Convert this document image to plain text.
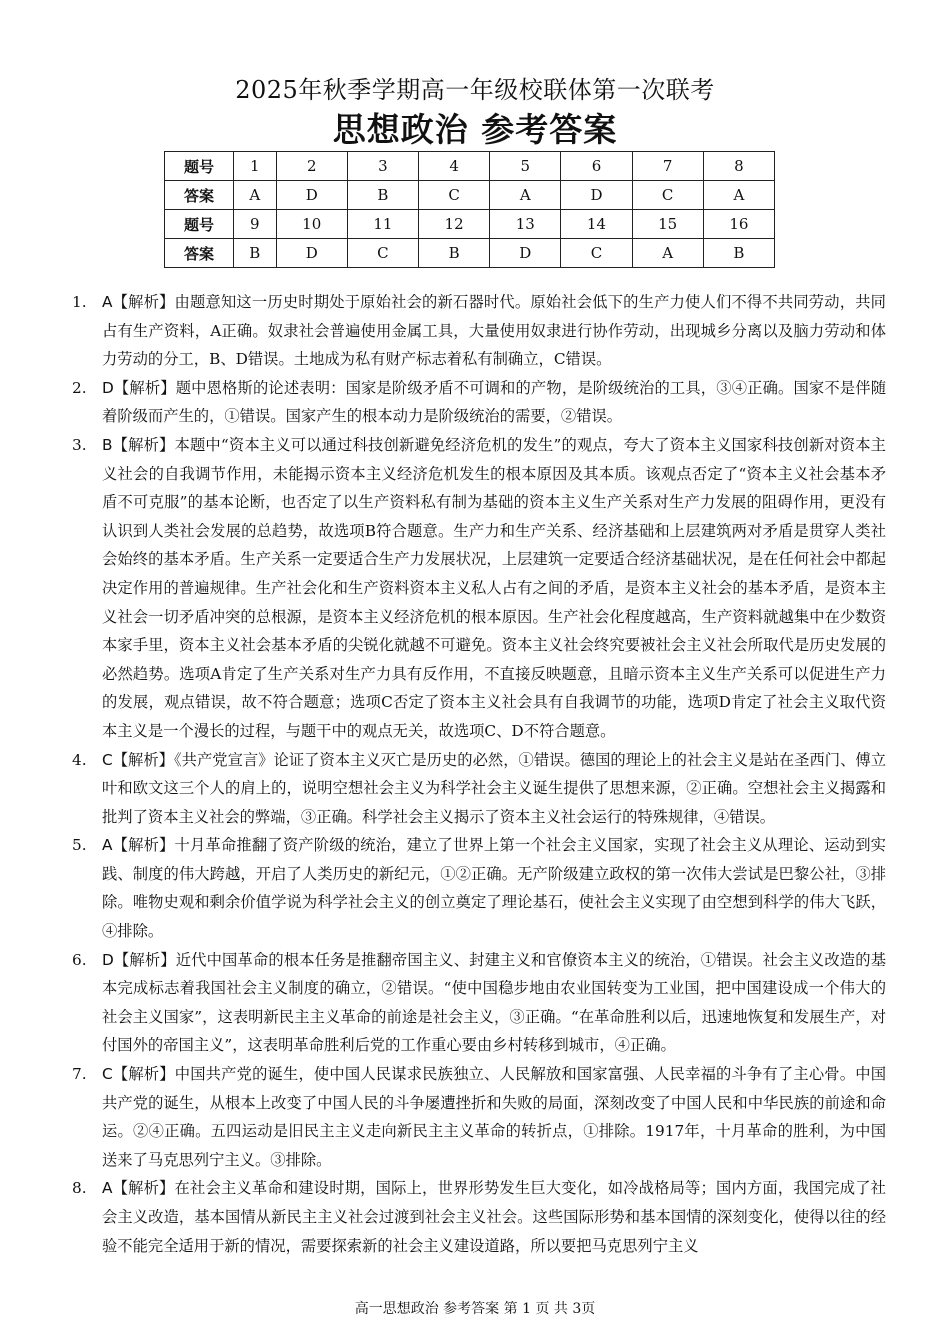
2025年秋季学期高一年级校联体第一次联考
思想政治 参考答案
题号	1	2	3	4	5	6	7	8
答案	A	D	B	C	A	D	C	A
题号	9	10	11	12	13	14	15	16
答案	B	D	C	B	D	C	A	B

1.	A【解析】由题意知这一历史时期处于原始社会的新石器时代。原始社会低下的生产力使人们不得不共同劳动，共同占有生产资料，A正确。奴隶社会普遍使用金属工具，大量使用奴隶进行协作劳动，出现城乡分离以及脑力劳动和体力劳动的分工，B、D错误。土地成为私有财产标志着私有制确立，C错误。

2.	D【解析】题中恩格斯的论述表明：国家是阶级矛盾不可调和的产物，是阶级统治的工具，③④正确。国家不是伴随着阶级而产生的，①错误。国家产生的根本动力是阶级统治的需要，②错误。

3.	B【解析】本题中“资本主义可以通过科技创新避免经济危机的发生”的观点，夸大了资本主义国家科技创新对资本主义社会的自我调节作用，未能揭示资本主义经济危机发生的根本原因及其本质。该观点否定了“资本主义社会基本矛盾不可克服”的基本论断，也否定了以生产资料私有制为基础的资本主义生产关系对生产力发展的阻碍作用，更没有认识到人类社会发展的总趋势，故选项B符合题意。生产力和生产关系、经济基础和上层建筑两对矛盾是贯穿人类社会始终的基本矛盾。生产关系一定要适合生产力发展状况，上层建筑一定要适合经济基础状况，是在任何社会中都起决定作用的普遍规律。生产社会化和生产资料资本主义私人占有之间的矛盾，是资本主义社会的基本矛盾，是资本主义社会一切矛盾冲突的总根源，是资本主义经济危机的根本原因。生产社会化程度越高，生产资料就越集中在少数资本家手里，资本主义社会基本矛盾的尖锐化就越不可避免。资本主义社会终究要被社会主义社会所取代是历史发展的必然趋势。选项A肯定了生产关系对生产力具有反作用，不直接反映题意，且暗示资本主义生产关系可以促进生产力的发展，观点错误，故不符合题意；选项C否定了资本主义社会具有自我调节的功能，选项D肯定了社会主义取代资本主义是一个漫长的过程，与题干中的观点无关，故选项C、D不符合题意。

4.	C【解析】《共产党宣言》论证了资本主义灭亡是历史的必然，①错误。德国的理论上的社会主义是站在圣西门、傅立叶和欧文这三个人的肩上的，说明空想社会主义为科学社会主义诞生提供了思想来源，②正确。空想社会主义揭露和批判了资本主义社会的弊端，③正确。科学社会主义揭示了资本主义社会运行的特殊规律，④错误。

5.	A【解析】十月革命推翻了资产阶级的统治，建立了世界上第一个社会主义国家，实现了社会主义从理论、运动到实践、制度的伟大跨越，开启了人类历史的新纪元，①②正确。无产阶级建立政权的第一次伟大尝试是巴黎公社，③排除。唯物史观和剩余价值学说为科学社会主义的创立奠定了理论基石，使社会主义实现了由空想到科学的伟大飞跃，④排除。

6.	D【解析】近代中国革命的根本任务是推翻帝国主义、封建主义和官僚资本主义的统治，①错误。社会主义改造的基本完成标志着我国社会主义制度的确立，②错误。“使中国稳步地由农业国转变为工业国，把中国建设成一个伟大的社会主义国家”，这表明新民主主义革命的前途是社会主义，③正确。“在革命胜利以后，迅速地恢复和发展生产，对付国外的帝国主义”，这表明革命胜利后党的工作重心要由乡村转移到城市，④正确。

7.	C【解析】中国共产党的诞生，使中国人民谋求民族独立、人民解放和国家富强、人民幸福的斗争有了主心骨。中国共产党的诞生，从根本上改变了中国人民的斗争屡遭挫折和失败的局面，深刻改变了中国人民和中华民族的前途和命运。②④正确。五四运动是旧民主主义走向新民主主义革命的转折点，①排除。1917年，十月革命的胜利，为中国送来了马克思列宁主义。③排除。

8.	A【解析】在社会主义革命和建设时期，国际上，世界形势发生巨大变化，如冷战格局等；国内方面，我国完成了社会主义改造，基本国情从新民主主义社会过渡到社会主义社会。这些国际形势和基本国情的深刻变化，使得以往的经验不能完全适用于新的情况，需要探索新的社会主义建设道路，所以要把马克思列宁主义

高一思想政治 参考答案 第 1 页 共 3页
